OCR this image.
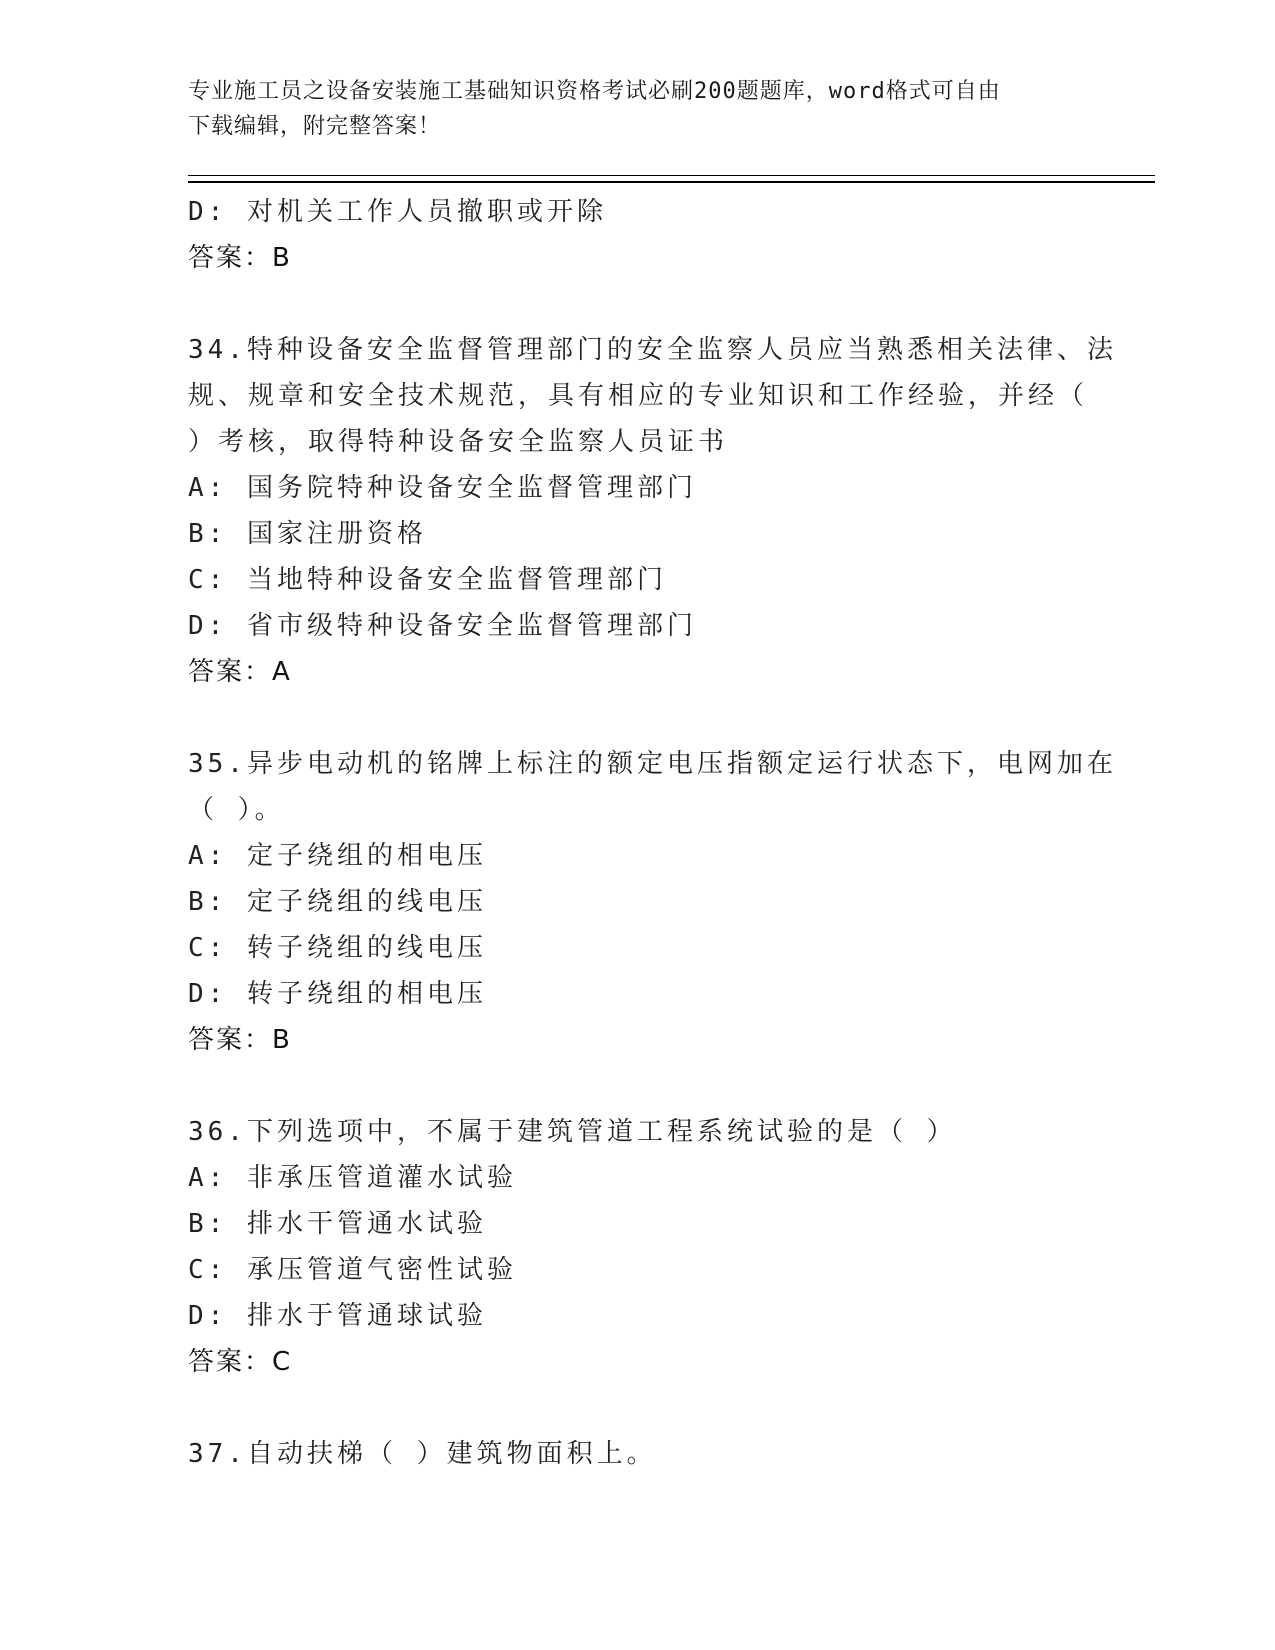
专业施工员之设备安装施工基础知识资格考试必刷200题题库，word格式可自由
下载编辑，附完整答案！
D: 对机关工作人员撤职或开除
答案：B
34.特种设备安全监督管理部门的安全监察人员应当熟悉相关法律、法
规、规章和安全技术规范，具有相应的专业知识和工作经验，并经（
）考核，取得特种设备安全监察人员证书
A: 国务院特种设备安全监督管理部门
B: 国家注册资格
C: 当地特种设备安全监督管理部门
D: 省市级特种设备安全监督管理部门
答案：A
35.异步电动机的铭牌上标注的额定电压指额定运行状态下，电网加在
（ ）。
A: 定子绕组的相电压
B: 定子绕组的线电压
C: 转子绕组的线电压
D: 转子绕组的相电压
答案：B
36.下列选项中，不属于建筑管道工程系统试验的是（ ）
A: 非承压管道灌水试验
B: 排水干管通水试验
C: 承压管道气密性试验
D: 排水于管通球试验
答案：C
37.自动扶梯（ ）建筑物面积上。
